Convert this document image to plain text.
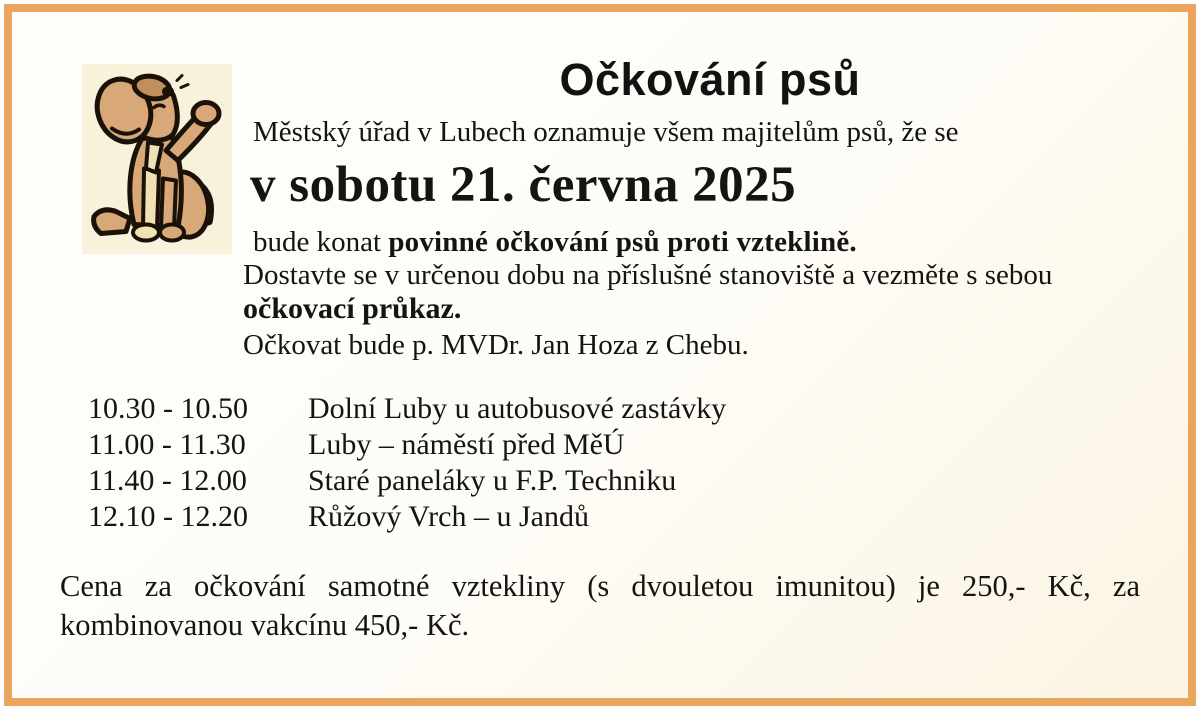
Očkování psů
Městský úřad v Lubech oznamuje všem majitelům psů, že se
v sobotu 21. června 2025
bude konat povinné očkování psů proti vzteklině.
Dostavte se v určenou dobu na příslušné stanoviště a vezměte s sebou
očkovací průkaz.
Očkovat bude p. MVDr. Jan Hoza z Chebu.
10.30 - 10.50 Dolní Luby u autobusové zastávky
11.00 - 11.30 Luby – náměstí před MěÚ
11.40 - 12.00 Staré paneláky u F.P. Techniku
12.10 - 12.20 Růžový Vrch – u Jandů

Cena za očkování samotné vztekliny (s dvouletou imunitou) je 250,- Kč, za
kombinovanou vakcínu 450,- Kč.
